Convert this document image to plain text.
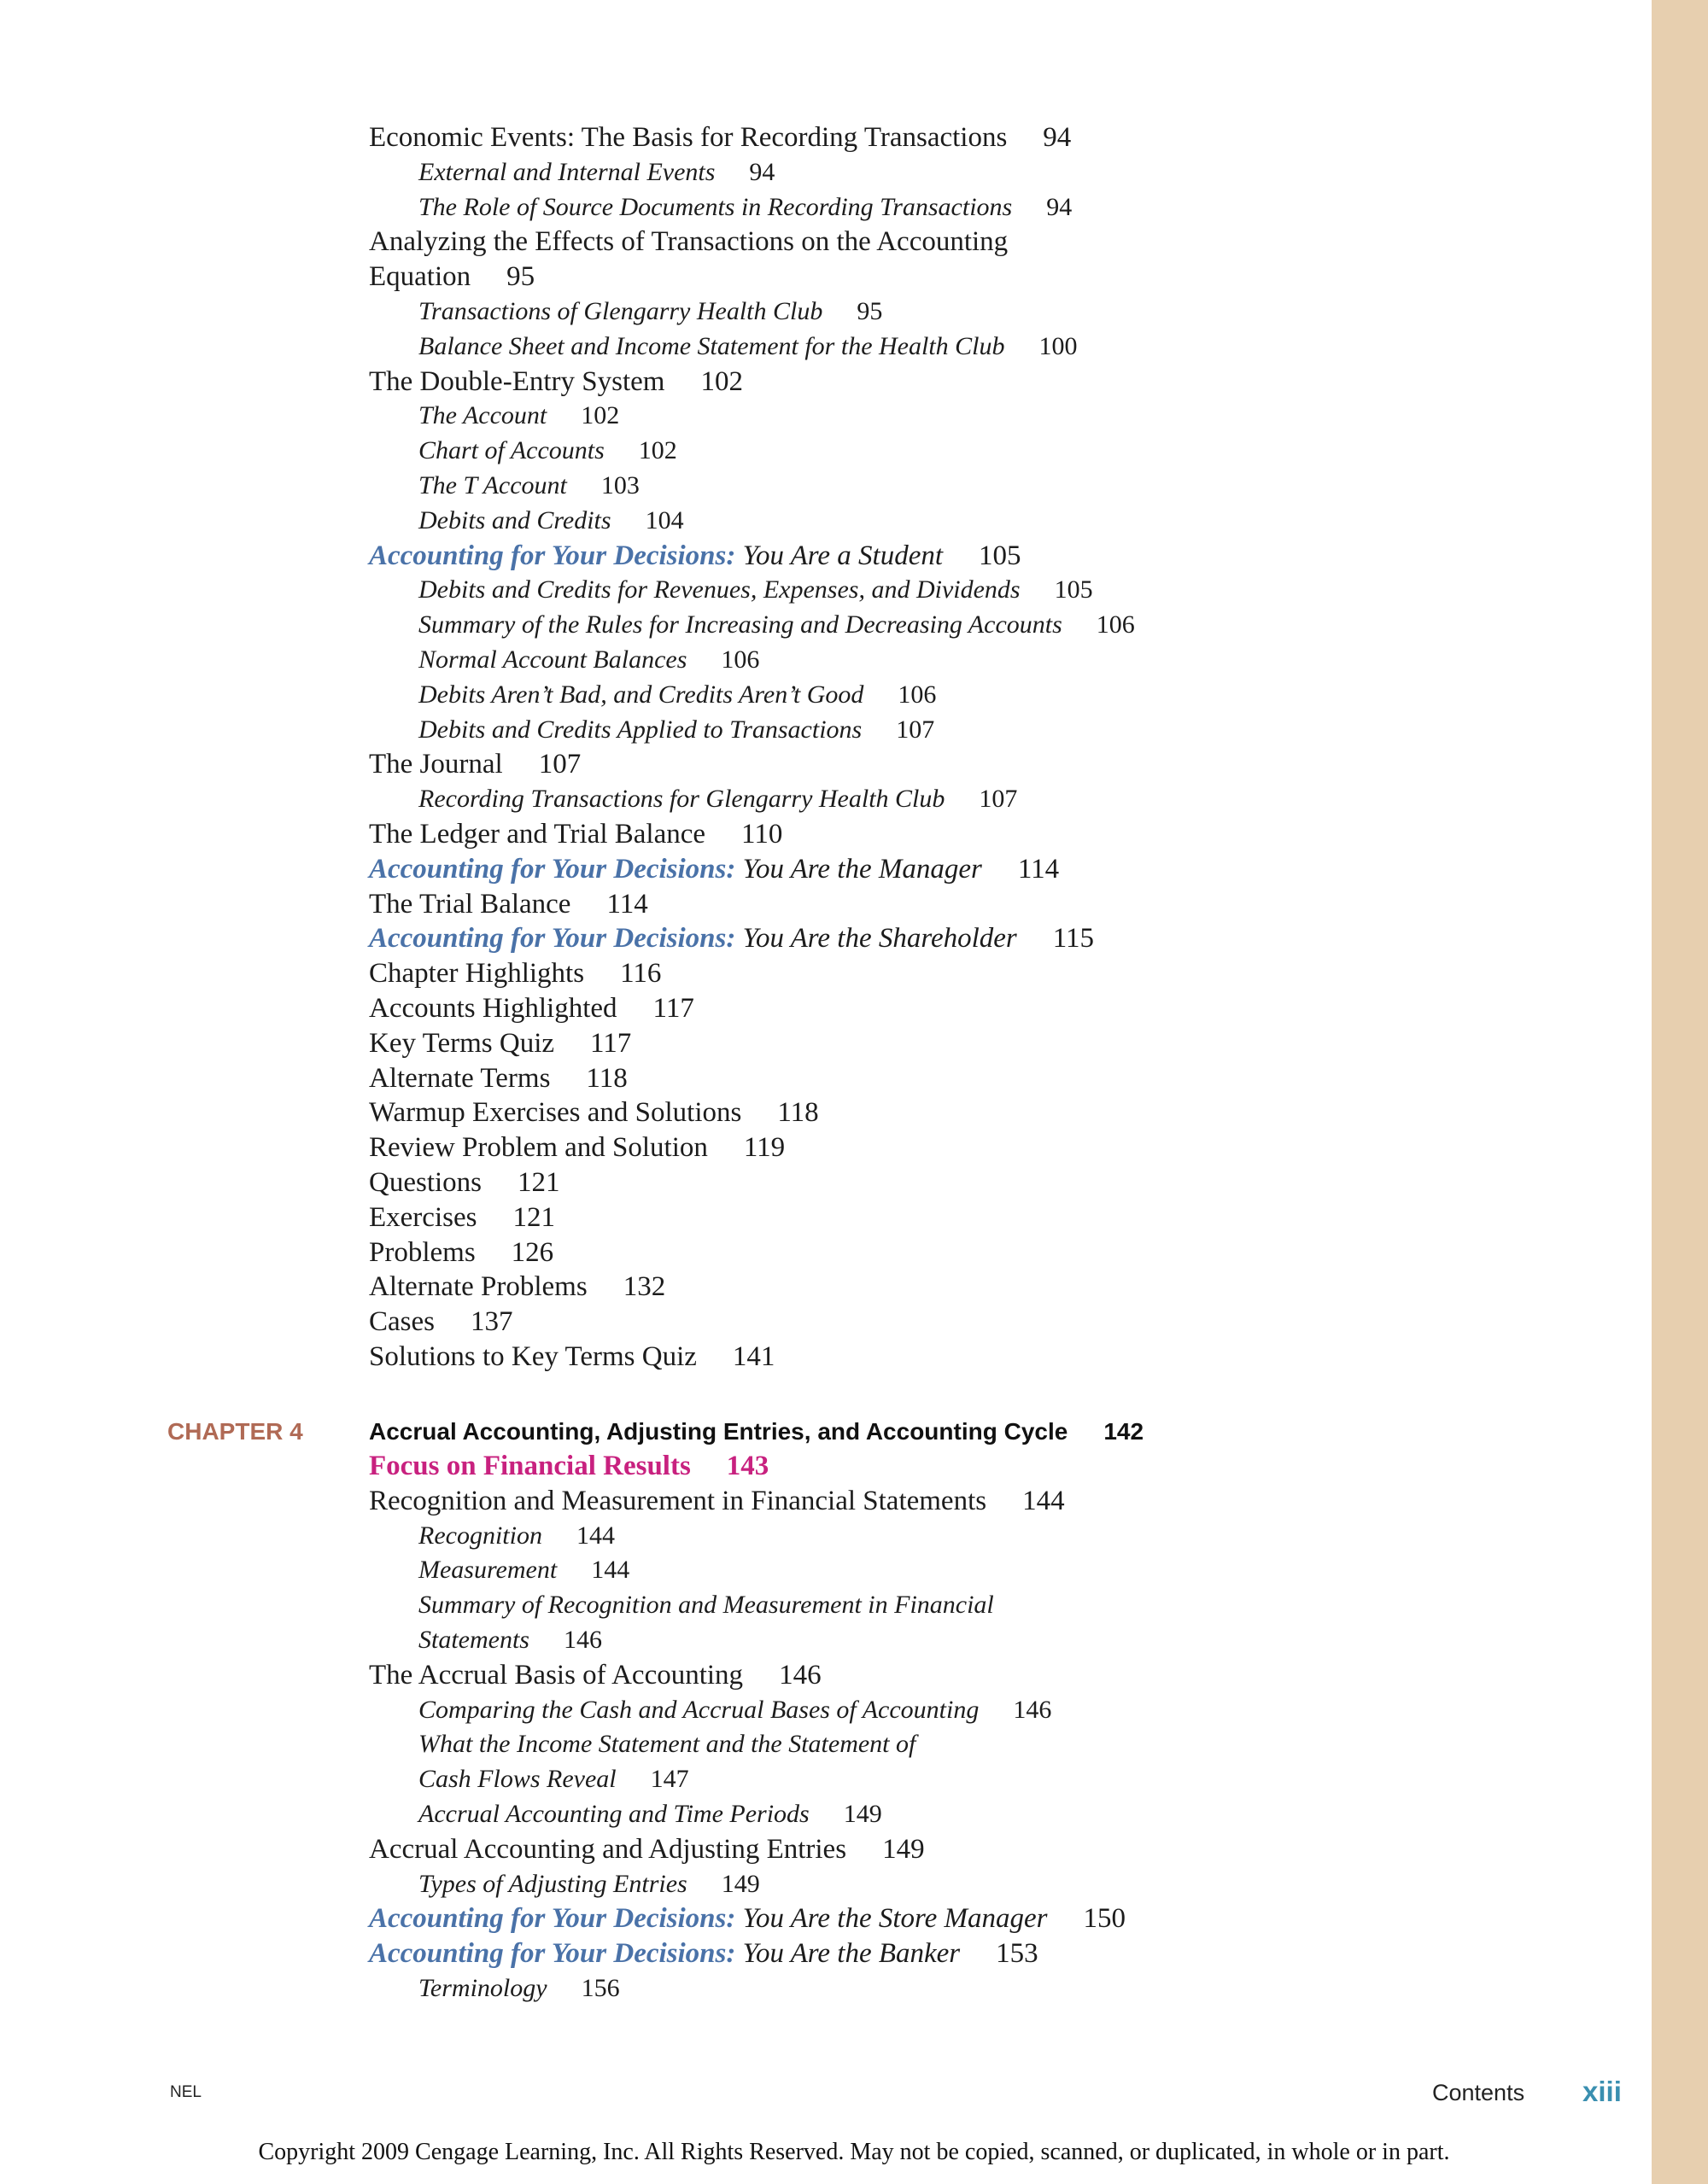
Economic Events: The Basis for Recording Transactions 94
External and Internal Events 94
The Role of Source Documents in Recording Transactions 94
Analyzing the Effects of Transactions on the Accounting
Equation 95
Transactions of Glengarry Health Club 95
Balance Sheet and Income Statement for the Health Club 100
The Double-Entry System 102
The Account 102
Chart of Accounts 102
The T Account 103
Debits and Credits 104
Accounting for Your Decisions: You Are a Student 105
Debits and Credits for Revenues, Expenses, and Dividends 105
Summary of the Rules for Increasing and Decreasing Accounts 106
Normal Account Balances 106
Debits Aren’t Bad, and Credits Aren’t Good 106
Debits and Credits Applied to Transactions 107
The Journal 107
Recording Transactions for Glengarry Health Club 107
The Ledger and Trial Balance 110
Accounting for Your Decisions: You Are the Manager 114
The Trial Balance 114
Accounting for Your Decisions: You Are the Shareholder 115
Chapter Highlights 116
Accounts Highlighted 117
Key Terms Quiz 117
Alternate Terms 118
Warmup Exercises and Solutions 118
Review Problem and Solution 119
Questions 121
Exercises 121
Problems 126
Alternate Problems 132
Cases 137
Solutions to Key Terms Quiz 141
CHAPTER 4	Accrual Accounting, Adjusting Entries, and Accounting Cycle 142
Focus on Financial Results 143
Recognition and Measurement in Financial Statements 144
Recognition 144
Measurement 144
Summary of Recognition and Measurement in Financial
Statements 146
The Accrual Basis of Accounting 146
Comparing the Cash and Accrual Bases of Accounting 146
What the Income Statement and the Statement of
Cash Flows Reveal 147
Accrual Accounting and Time Periods 149
Accrual Accounting and Adjusting Entries 149
Types of Adjusting Entries 149
Accounting for Your Decisions: You Are the Store Manager 150
Accounting for Your Decisions: You Are the Banker 153
Terminology 156
NEL	Contents xiii
Copyright 2009 Cengage Learning, Inc. All Rights Reserved. May not be copied, scanned, or duplicated, in whole or in part.
